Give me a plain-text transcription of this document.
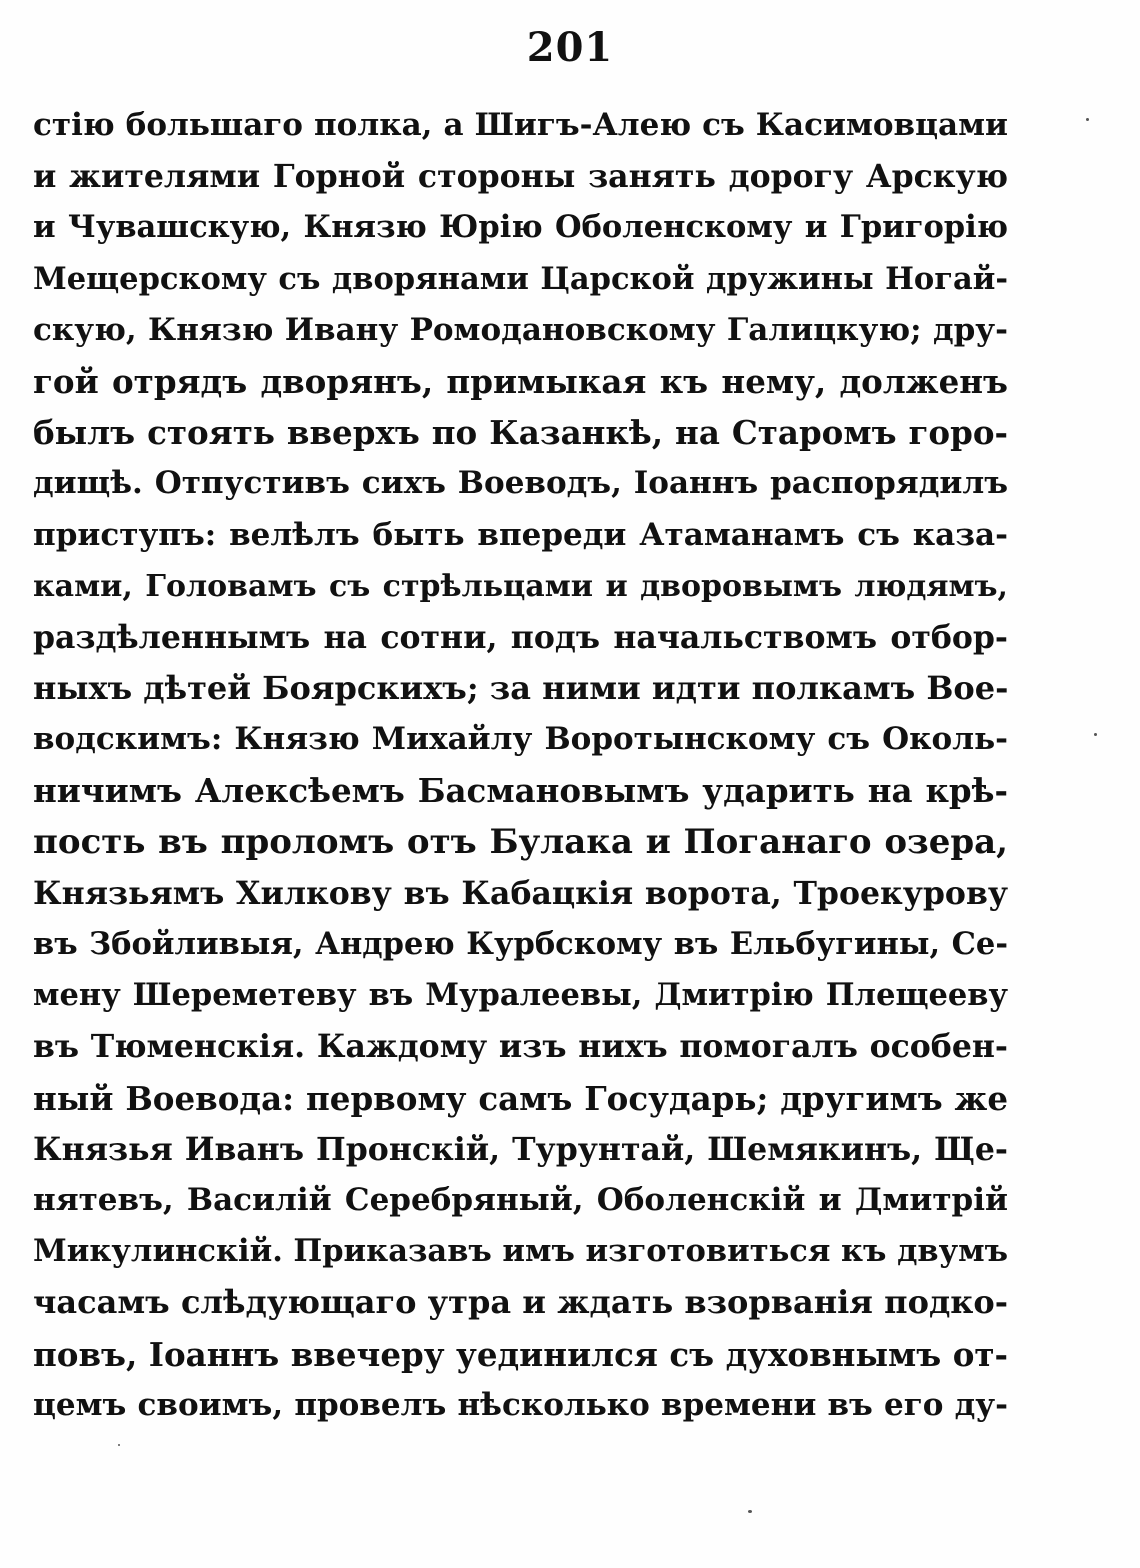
201
стію большаго полка, а Шигъ-Алею съ Касимовцами
и жителями Горной стороны занять дорогу Арскую
и Чувашскую, Князю Юрію Оболенскому и Григорію
Мещерскому съ дворянами Царской дружины Ногай-
скую, Князю Ивану Ромодановскому Галицкую; дру-
гой отрядъ дворянъ, примыкая къ нему, долженъ
былъ стоять вверхъ по Казанкѣ, на Старомъ горо-
дищѣ. Отпустивъ сихъ Воеводъ, Іоаннъ распорядилъ
приступъ: велѣлъ быть впереди Атаманамъ съ каза-
ками, Головамъ съ стрѣльцами и дворовымъ людямъ,
раздѣленнымъ на сотни, подъ начальствомъ отбор-
ныхъ дѣтей Боярскихъ; за ними идти полкамъ Вое-
водскимъ: Князю Михайлу Воротынскому съ Околь-
ничимъ Алексѣемъ Басмановымъ ударить на крѣ-
пость въ проломъ отъ Булака и Поганаго озера,
Князьямъ Хилкову въ Кабацкія ворота, Троекурову
въ Збойливыя, Андрею Курбскому въ Ельбугины, Се-
мену Шереметеву въ Муралеевы, Дмитрію Плещееву
въ Тюменскія. Каждому изъ нихъ помогалъ особен-
ный Воевода: первому самъ Государь; другимъ же
Князья Иванъ Пронскій, Турунтай, Шемякинъ, Ще-
нятевъ, Василій Серебряный, Оболенскій и Дмитрій
Микулинскій. Приказавъ имъ изготовиться къ двумъ
часамъ слѣдующаго утра и ждать взорванія подко-
повъ, Іоаннъ ввечеру уединился съ духовнымъ от-
цемъ своимъ, провелъ нѣсколько времени въ его ду-
